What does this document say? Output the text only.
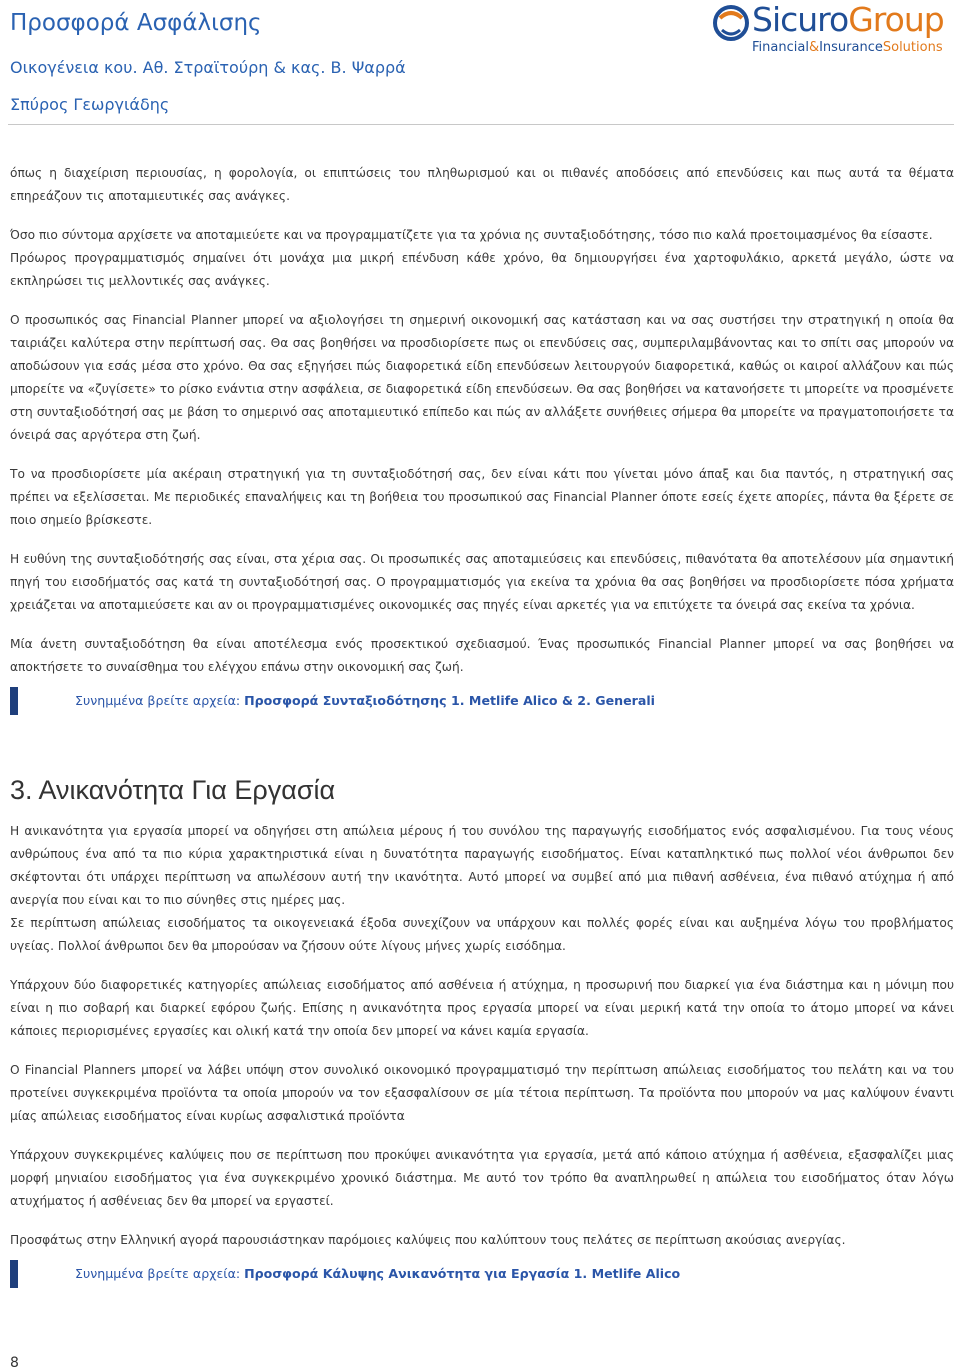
Προσφορά Ασφάλισης
Οικογένεια κου. Αθ. Στραϊτούρη & κας. Β. Ψαρρά
Σπύρος Γεωργιάδης
SicuroGroup
Financial&InsuranceSolutions

όπως η διαχείριση περιουσίας, η φορολογία, οι επιπτώσεις του πληθωρισμού και οι πιθανές αποδόσεις από επενδύσεις και πως αυτά τα θέματα επηρεάζουν τις αποταμιευτικές σας ανάγκες.

Όσο πιο σύντομα αρχίσετε να αποταμιεύετε και να προγραμματίζετε για τα χρόνια ης συνταξιοδότησης, τόσο πιο καλά προετοιμασμένος θα είσαστε.

Πρόωρος προγραμματισμός σημαίνει ότι μονάχα μια μικρή επένδυση κάθε χρόνο, θα δημιουργήσει ένα χαρτοφυλάκιο, αρκετά μεγάλο, ώστε να εκπληρώσει τις μελλοντικές σας ανάγκες.

Ο προσωπικός σας Financial Planner μπορεί να αξιολογήσει τη σημερινή οικονομική σας κατάσταση και να σας συστήσει την στρατηγική η οποία θα ταιριάζει καλύτερα στην περίπτωσή σας. Θα σας βοηθήσει να προσδιορίσετε πως οι επενδύσεις σας, συμπεριλαμβάνοντας και το σπίτι σας μπορούν να αποδώσουν για εσάς μέσα στο χρόνο. Θα σας εξηγήσει πώς διαφορετικά είδη επενδύσεων λειτουργούν διαφορετικά, καθώς οι καιροί αλλάζουν και πώς μπορείτε να «ζυγίσετε» το ρίσκο ενάντια στην ασφάλεια, σε διαφορετικά είδη επενδύσεων. Θα σας βοηθήσει να κατανοήσετε τι μπορείτε να προσμένετε στη συνταξιοδότησή σας με βάση το σημερινό σας αποταμιευτικό επίπεδο και πώς αν αλλάξετε συνήθειες σήμερα θα μπορείτε να πραγματοποιήσετε τα όνειρά σας αργότερα στη ζωή.

Το να προσδιορίσετε μία ακέραιη στρατηγική για τη συνταξιοδότησή σας, δεν είναι κάτι που γίνεται μόνο άπαξ και δια παντός, η στρατηγική σας πρέπει να εξελίσσεται. Με περιοδικές επαναλήψεις και τη βοήθεια του προσωπικού σας Financial Planner όποτε εσείς έχετε απορίες, πάντα θα ξέρετε σε ποιο σημείο βρίσκεστε.

Η ευθύνη της συνταξιοδότησής σας είναι, στα χέρια σας. Οι προσωπικές σας αποταμιεύσεις και επενδύσεις, πιθανότατα θα αποτελέσουν μία σημαντική πηγή του εισοδήματός σας κατά τη συνταξιοδότησή σας. Ο προγραμματισμός για εκείνα τα χρόνια θα σας βοηθήσει να προσδιορίσετε πόσα χρήματα χρειάζεται να αποταμιεύσετε και αν οι προγραμματισμένες οικονομικές σας πηγές είναι αρκετές για να επιτύχετε τα όνειρά σας εκείνα τα χρόνια.

Μία άνετη συνταξιοδότηση θα είναι αποτέλεσμα ενός προσεκτικού σχεδιασμού. Ένας προσωπικός Financial Planner μπορεί να σας βοηθήσει να αποκτήσετε το συναίσθημα του ελέγχου επάνω στην οικονομική σας ζωή.

Συνημμένα βρείτε αρχεία: Προσφορά Συνταξιοδότησης 1. Metlife Alico & 2. Generali
3. Ανικανότητα Για Εργασία

Η ανικανότητα για εργασία μπορεί να οδηγήσει στη απώλεια μέρους ή του συνόλου της παραγωγής εισοδήματος ενός ασφαλισμένου. Για τους νέους ανθρώπους ένα από τα πιο κύρια χαρακτηριστικά είναι η δυνατότητα παραγωγής εισοδήματος. Είναι καταπληκτικό πως πολλοί νέοι άνθρωποι δεν σκέφτονται ότι υπάρχει περίπτωση να απωλέσουν αυτή την ικανότητα. Αυτό μπορεί να συμβεί από μια πιθανή ασθένεια, ένα πιθανό ατύχημα ή από ανεργία που είναι και το πιο σύνηθες στις ημέρες μας.

Σε περίπτωση απώλειας εισοδήματος τα οικογενειακά έξοδα συνεχίζουν να υπάρχουν και πολλές φορές είναι και αυξημένα λόγω του προβλήματος υγείας. Πολλοί άνθρωποι δεν θα μπορούσαν να ζήσουν ούτε λίγους μήνες χωρίς εισόδημα.

Υπάρχουν δύο διαφορετικές κατηγορίες απώλειας εισοδήματος από ασθένεια ή ατύχημα, η προσωρινή που διαρκεί για ένα διάστημα και η μόνιμη που είναι η πιο σοβαρή και διαρκεί εφόρου ζωής. Επίσης η ανικανότητα προς εργασία μπορεί να είναι μερική κατά την οποία το άτομο μπορεί να κάνει κάποιες περιορισμένες εργασίες και ολική κατά την οποία δεν μπορεί να κάνει καμία εργασία.

Ο Financial Planners μπορεί να λάβει υπόψη στον συνολικό οικονομικό προγραμματισμό την περίπτωση απώλειας εισοδήματος του πελάτη και να του προτείνει συγκεκριμένα προϊόντα τα οποία μπορούν να τον εξασφαλίσουν σε μία τέτοια περίπτωση. Τα προϊόντα που μπορούν να μας καλύψουν έναντι μίας απώλειας εισοδήματος είναι κυρίως ασφαλιστικά προϊόντα

Υπάρχουν συγκεκριμένες καλύψεις που σε περίπτωση που προκύψει ανικανότητα για εργασία, μετά από κάποιο ατύχημα ή ασθένεια, εξασφαλίζει μιας μορφή μηνιαίου εισοδήματος για ένα συγκεκριμένο χρονικό διάστημα. Με αυτό τον τρόπο θα αναπληρωθεί η απώλεια του εισοδήματος όταν λόγω ατυχήματος ή ασθένειας δεν θα μπορεί να εργαστεί.

Προσφάτως στην Ελληνική αγορά παρουσιάστηκαν παρόμοιες καλύψεις που καλύπτουν τους πελάτες σε περίπτωση ακούσιας ανεργίας.

Συνημμένα βρείτε αρχεία: Προσφορά Κάλυψης Ανικανότητα για Εργασία 1. Metlife Alico
8
